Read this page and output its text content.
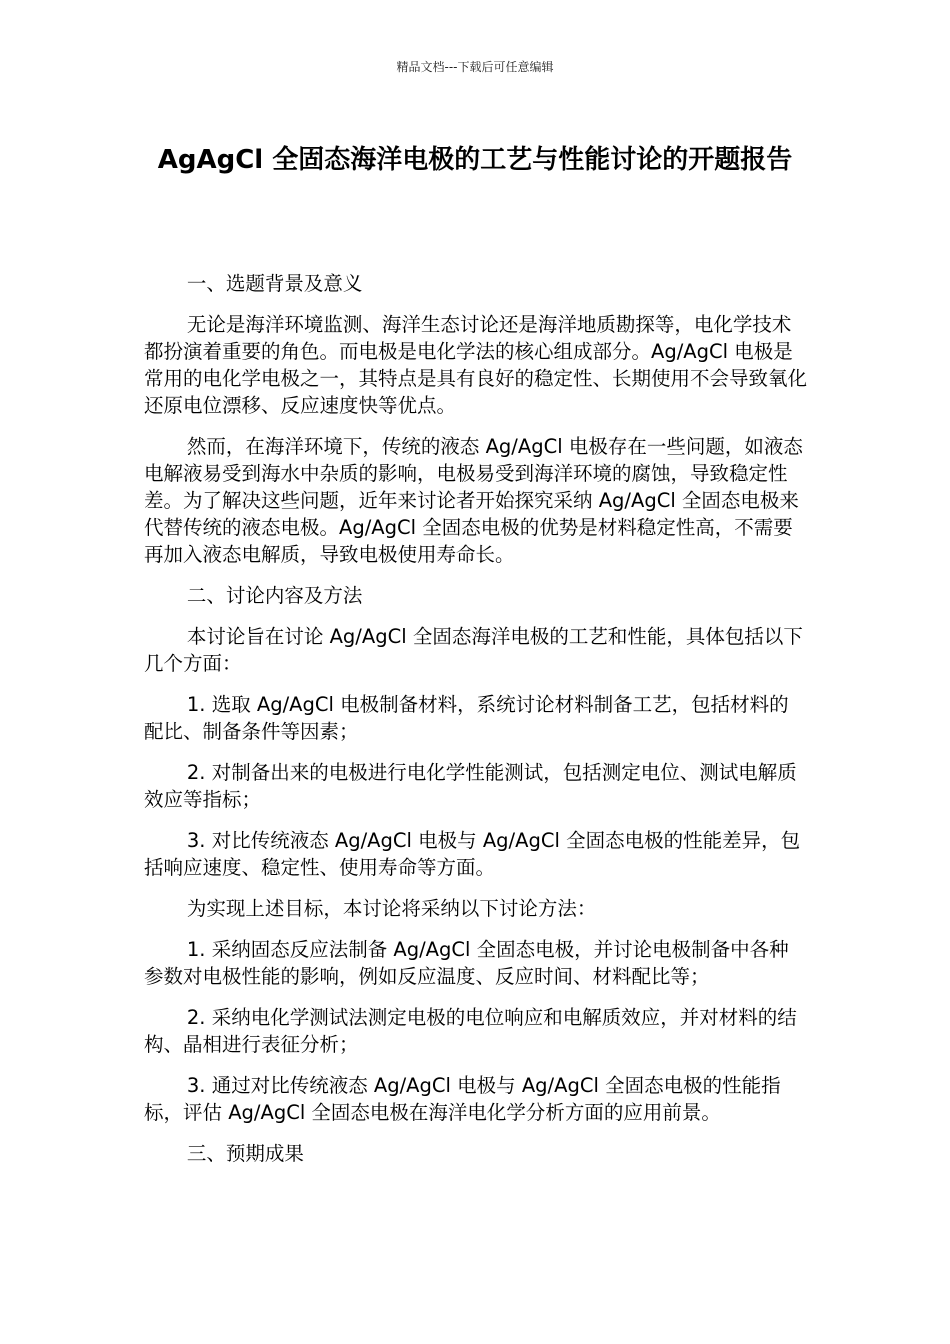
精品文档---下载后可任意编辑
AgAgCl 全固态海洋电极的工艺与性能讨论的开题报告

一、选题背景及意义

无论是海洋环境监测、海洋生态讨论还是海洋地质勘探等，电化学技术都扮演着重要的角色。而电极是电化学法的核心组成部分。Ag/AgCl 电极是常用的电化学电极之一，其特点是具有良好的稳定性、长期使用不会导致氧化还原电位漂移、反应速度快等优点。

然而，在海洋环境下，传统的液态 Ag/AgCl 电极存在一些问题，如液态电解液易受到海水中杂质的影响，电极易受到海洋环境的腐蚀，导致稳定性差。为了解决这些问题，近年来讨论者开始探究采纳 Ag/AgCl 全固态电极来代替传统的液态电极。Ag/AgCl 全固态电极的优势是材料稳定性高，不需要再加入液态电解质，导致电极使用寿命长。

二、讨论内容及方法

本讨论旨在讨论 Ag/AgCl 全固态海洋电极的工艺和性能，具体包括以下几个方面：

1. 选取 Ag/AgCl 电极制备材料，系统讨论材料制备工艺，包括材料的配比、制备条件等因素；

2. 对制备出来的电极进行电化学性能测试，包括测定电位、测试电解质效应等指标；

3. 对比传统液态 Ag/AgCl 电极与 Ag/AgCl 全固态电极的性能差异，包括响应速度、稳定性、使用寿命等方面。

为实现上述目标，本讨论将采纳以下讨论方法：

1. 采纳固态反应法制备 Ag/AgCl 全固态电极，并讨论电极制备中各种参数对电极性能的影响，例如反应温度、反应时间、材料配比等；

2. 采纳电化学测试法测定电极的电位响应和电解质效应，并对材料的结构、晶相进行表征分析；

3. 通过对比传统液态 Ag/AgCl 电极与 Ag/AgCl 全固态电极的性能指标，评估 Ag/AgCl 全固态电极在海洋电化学分析方面的应用前景。

三、预期成果
